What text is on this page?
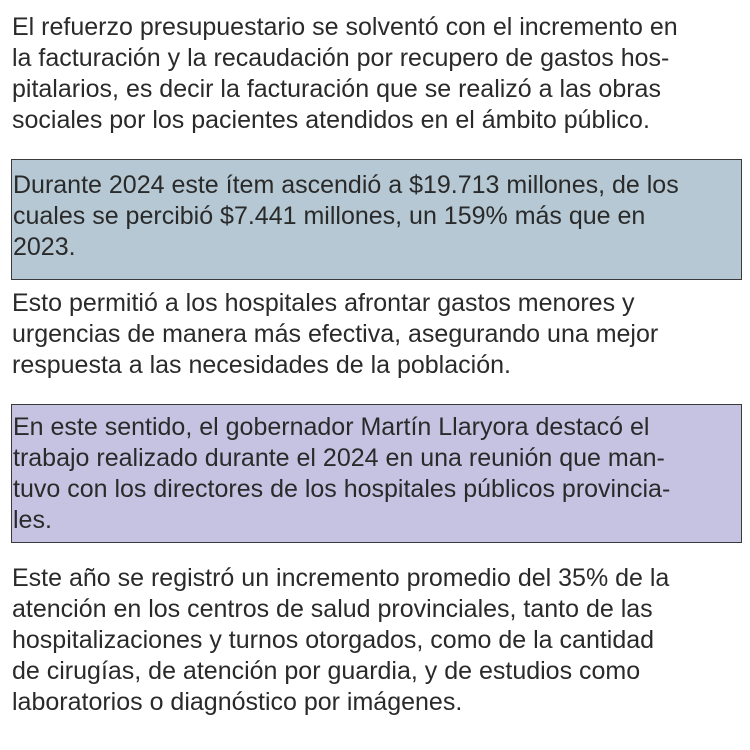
El refuerzo presupuestario se solventó con el incremento en
la facturación y la recaudación por recupero de gastos hos-
pitalarios, es decir la facturación que se realizó a las obras
sociales por los pacientes atendidos en el ámbito público.

Durante 2024 este ítem ascendió a $19.713 millones, de los
cuales se percibió $7.441 millones, un 159% más que en
2023.

Esto permitió a los hospitales afrontar gastos menores y
urgencias de manera más efectiva, asegurando una mejor
respuesta a las necesidades de la población.

En este sentido, el gobernador Martín Llaryora destacó el
trabajo realizado durante el 2024 en una reunión que man-
tuvo con los directores de los hospitales públicos provincia-
les.

Este año se registró un incremento promedio del 35% de la
atención en los centros de salud provinciales, tanto de las
hospitalizaciones y turnos otorgados, como de la cantidad
de cirugías, de atención por guardia, y de estudios como
laboratorios o diagnóstico por imágenes.
